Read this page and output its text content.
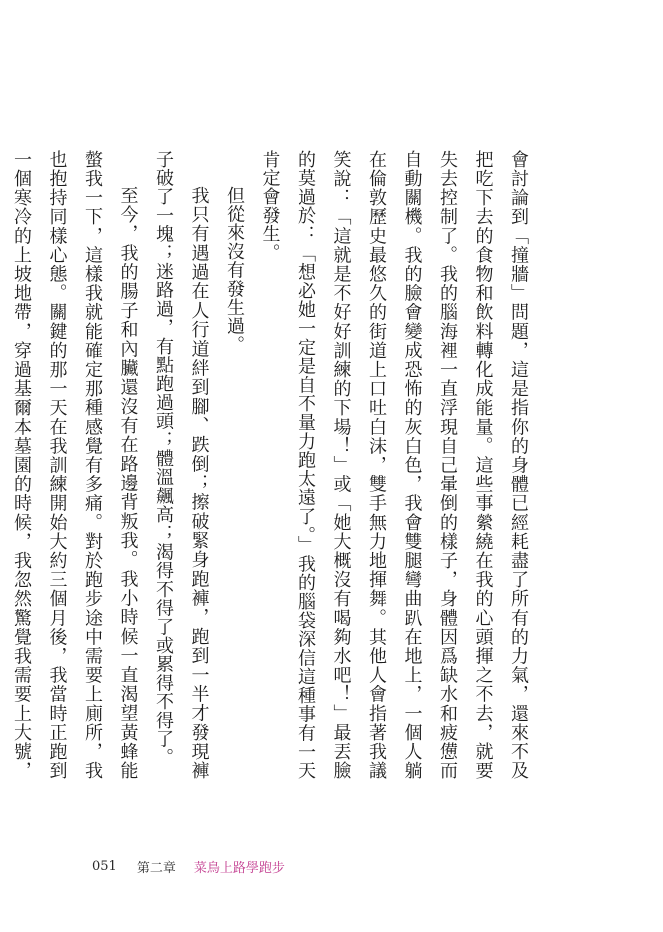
會討論到「撞牆」問題，這是指你的身體已經耗盡了所有的力氣，還來不及把吃下去的食物和飲料轉化成能量。這些事縈繞在我的心頭揮之不去，就要失去控制了。我的腦海裡一直浮現自己暈倒的樣子，身體因爲缺水和疲憊而自動關機。我的臉會變成恐怖的灰白色，我會雙腿彎曲趴在地上，一個人躺在倫敦歷史最悠久的街道上口吐白沫，雙手無力地揮舞。其他人會指著我議笑說：「這就是不好好訓練的下場！」或「她大概沒有喝夠水吧！」最丟臉的莫過於：「想必她一定是自不量力跑太遠了。」我的腦袋深信這種事有一天肯定會發生。

但從來沒有發生過。

我只有遇過在人行道絆到腳、跌倒；擦破緊身跑褲，跑到一半才發現褲子破了一塊；迷路過，有點跑過頭；體溫飆高；渴得不得了或累得不得了。

至今，我的腸子和內臟還沒有在路邊背叛我。我小時候一直渴望黃蜂能螫我一下，這樣我就能確定那種感覺有多痛。對於跑步途中需要上廁所，我也抱持同樣心態。關鍵的那一天在我訓練開始大約三個月後，我當時正跑到一個寒冷的上坡地帶，穿過基爾本墓園的時候，我忽然驚覺我需要上大號，

051 第二章 菜鳥上路學跑步
